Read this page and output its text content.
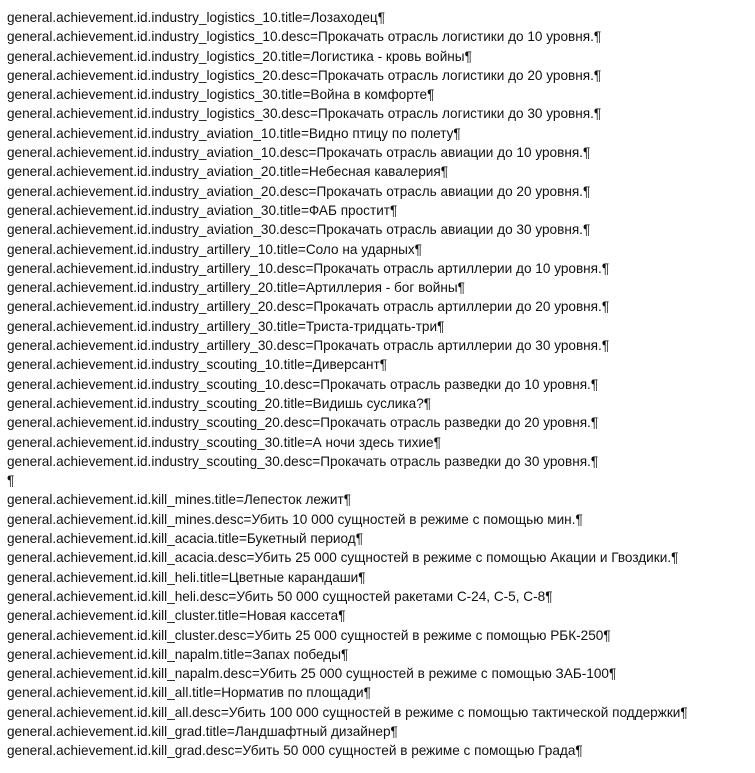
general.achievement.id.industry_logistics_10.title=Лозаходец¶
general.achievement.id.industry_logistics_10.desc=Прокачать отрасль логистики до 10 уровня.¶
general.achievement.id.industry_logistics_20.title=Логистика - кровь войны¶
general.achievement.id.industry_logistics_20.desc=Прокачать отрасль логистики до 20 уровня.¶
general.achievement.id.industry_logistics_30.title=Война в комфорте¶
general.achievement.id.industry_logistics_30.desc=Прокачать отрасль логистики до 30 уровня.¶
general.achievement.id.industry_aviation_10.title=Видно птицу по полету¶
general.achievement.id.industry_aviation_10.desc=Прокачать отрасль авиации до 10 уровня.¶
general.achievement.id.industry_aviation_20.title=Небесная кавалерия¶
general.achievement.id.industry_aviation_20.desc=Прокачать отрасль авиации до 20 уровня.¶
general.achievement.id.industry_aviation_30.title=ФАБ простит¶
general.achievement.id.industry_aviation_30.desc=Прокачать отрасль авиации до 30 уровня.¶
general.achievement.id.industry_artillery_10.title=Соло на ударных¶
general.achievement.id.industry_artillery_10.desc=Прокачать отрасль артиллерии до 10 уровня.¶
general.achievement.id.industry_artillery_20.title=Артиллерия - бог войны¶
general.achievement.id.industry_artillery_20.desc=Прокачать отрасль артиллерии до 20 уровня.¶
general.achievement.id.industry_artillery_30.title=Триста-тридцать-три¶
general.achievement.id.industry_artillery_30.desc=Прокачать отрасль артиллерии до 30 уровня.¶
general.achievement.id.industry_scouting_10.title=Диверсант¶
general.achievement.id.industry_scouting_10.desc=Прокачать отрасль разведки до 10 уровня.¶
general.achievement.id.industry_scouting_20.title=Видишь суслика?¶
general.achievement.id.industry_scouting_20.desc=Прокачать отрасль разведки до 20 уровня.¶
general.achievement.id.industry_scouting_30.title=А ночи здесь тихие¶
general.achievement.id.industry_scouting_30.desc=Прокачать отрасль разведки до 30 уровня.¶
¶
general.achievement.id.kill_mines.title=Лепесток лежит¶
general.achievement.id.kill_mines.desc=Убить 10 000 сущностей в режиме с помощью мин.¶
general.achievement.id.kill_acacia.title=Букетный период¶
general.achievement.id.kill_acacia.desc=Убить 25 000 сущностей в режиме с помощью Акации и Гвоздики.¶
general.achievement.id.kill_heli.title=Цветные карандаши¶
general.achievement.id.kill_heli.desc=Убить 50 000 сущностей ракетами С-24, С-5, С-8¶
general.achievement.id.kill_cluster.title=Новая кассета¶
general.achievement.id.kill_cluster.desc=Убить 25 000 сущностей в режиме с помощью РБК-250¶
general.achievement.id.kill_napalm.title=Запах победы¶
general.achievement.id.kill_napalm.desc=Убить 25 000 сущностей в режиме с помощью ЗАБ-100¶
general.achievement.id.kill_all.title=Норматив по площади¶
general.achievement.id.kill_all.desc=Убить 100 000 сущностей в режиме с помощью тактической поддержки¶
general.achievement.id.kill_grad.title=Ландшафтный дизайнер¶
general.achievement.id.kill_grad.desc=Убить 50 000 сущностей в режиме с помощью Града¶
